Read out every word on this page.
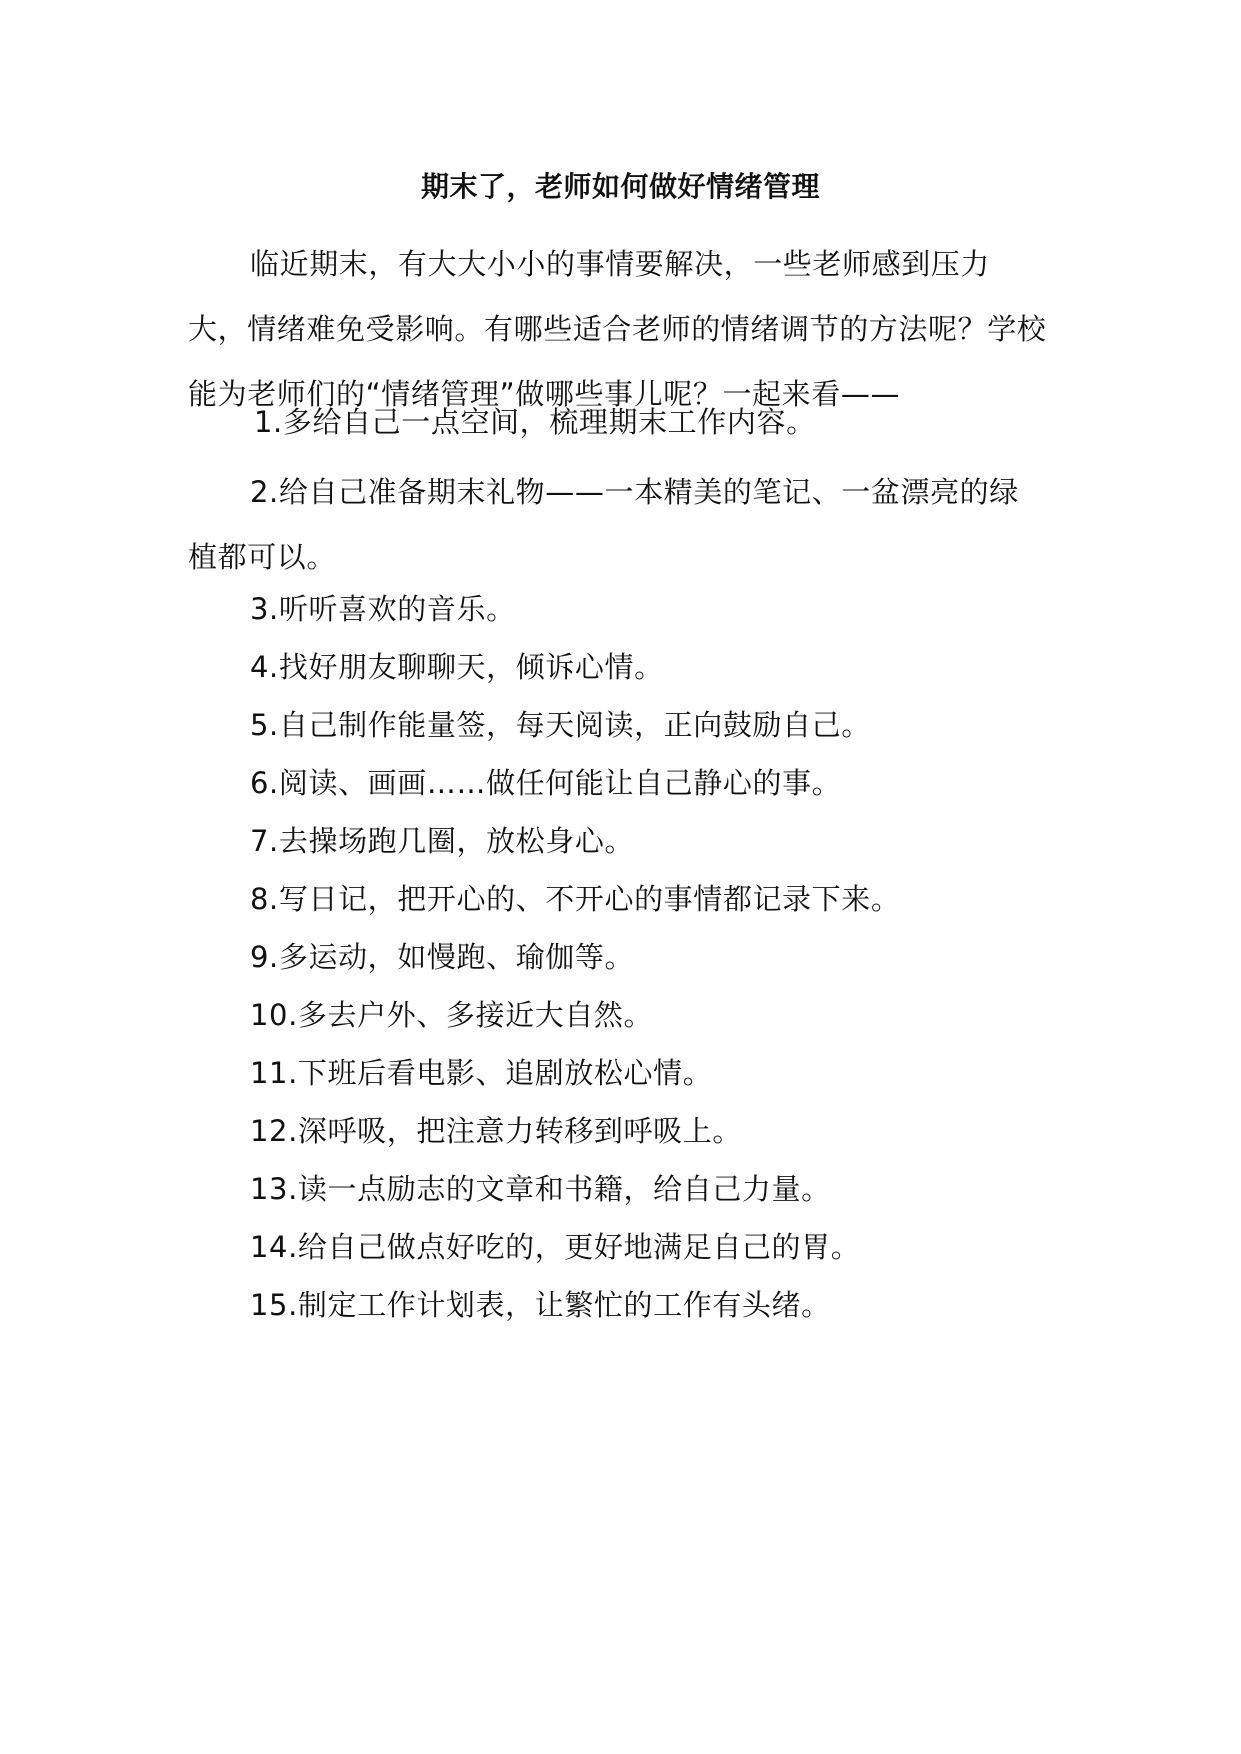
期末了，老师如何做好情绪管理

临近期末，有大大小小的事情要解决，一些老师感到压力大，情绪难免受影响。有哪些适合老师的情绪调节的方法呢？学校能为老师们的“情绪管理”做哪些事儿呢？一起来看——

1.多给自己一点空间，梳理期末工作内容。

2.给自己准备期末礼物——一本精美的笔记、一盆漂亮的绿植都可以。

3.听听喜欢的音乐。

4.找好朋友聊聊天，倾诉心情。

5.自己制作能量签，每天阅读，正向鼓励自己。

6.阅读、画画……做任何能让自己静心的事。

7.去操场跑几圈，放松身心。

8.写日记，把开心的、不开心的事情都记录下来。

9.多运动，如慢跑、瑜伽等。

10.多去户外、多接近大自然。

11.下班后看电影、追剧放松心情。

12.深呼吸，把注意力转移到呼吸上。

13.读一点励志的文章和书籍，给自己力量。

14.给自己做点好吃的，更好地满足自己的胃。

15.制定工作计划表，让繁忙的工作有头绪。
